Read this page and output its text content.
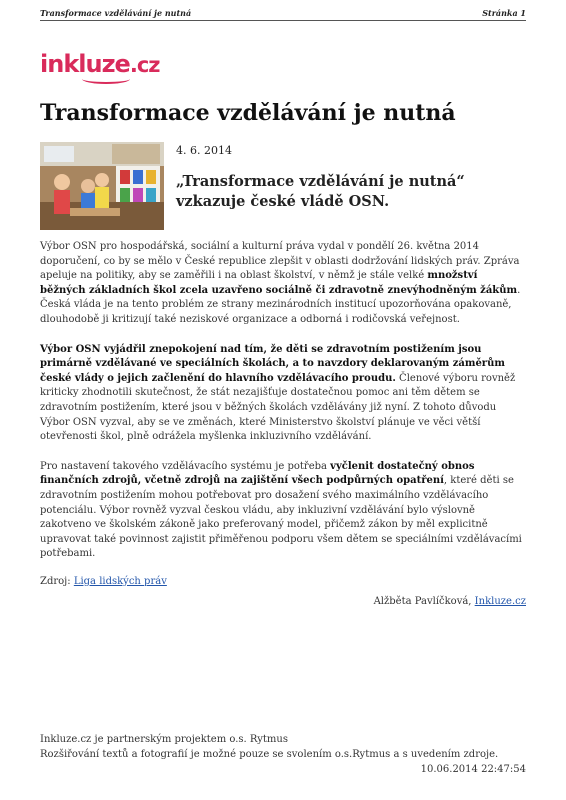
Transformace vzdělávání je nutná	Stránka 1
inkluze.cz
Transformace vzdělávání je nutná
4. 6. 2014
„Transformace vzdělávání je nutná“
vzkazuje české vládě OSN.

Výbor OSN pro hospodářská, sociální a kulturní práva vydal v pondělí 26. května 2014 doporučení, co by se mělo v České republice zlepšit v oblasti dodržování lidských práv. Zpráva apeluje na politiky, aby se zaměřili i na oblast školství, v němž je stále velké množství běžných základních škol zcela uzavřeno sociálně či zdravotně znevýhodněným žákům. Česká vláda je na tento problém ze strany mezinárodních institucí upozorňována opakovaně, dlouhodobě ji kritizují také neziskové organizace a odborná i rodičovská veřejnost.

Výbor OSN vyjádřil znepokojení nad tím, že děti se zdravotním postižením jsou primárně vzdělávané ve speciálních školách, a to navzdory deklarovaným záměrům české vlády o jejich začlenění do hlavního vzdělávacího proudu. Členové výboru rovněž kriticky zhodnotili skutečnost, že stát nezajišťuje dostatečnou pomoc ani těm dětem se zdravotním postižením, které jsou v běžných školách vzdělávány již nyní. Z tohoto důvodu Výbor OSN vyzval, aby se ve změnách, které Ministerstvo školství plánuje ve věci větší otevřenosti škol, plně odrážela myšlenka inkluzivního vzdělávání.

Pro nastavení takového vzdělávacího systému je potřeba vyčlenit dostatečný obnos finančních zdrojů, včetně zdrojů na zajištění všech podpůrných opatření, které děti se zdravotním postižením mohou potřebovat pro dosažení svého maximálního vzdělávacího potenciálu. Výbor rovněž vyzval českou vládu, aby inkluzivní vzdělávání bylo výslovně zakotveno ve školském zákoně jako preferovaný model, přičemž zákon by měl explicitně upravovat také povinnost zajistit přiměřenou podporu všem dětem se speciálními vzdělávacími potřebami.

Zdroj: Liga lidských práv
Alžběta Pavlíčková, Inkluze.cz
Inkluze.cz je partnerským projektem o.s. Rytmus
Rozšiřování textů a fotografií je možné pouze se svolením o.s.Rytmus a s uvedením zdroje.
10.06.2014 22:47:54
